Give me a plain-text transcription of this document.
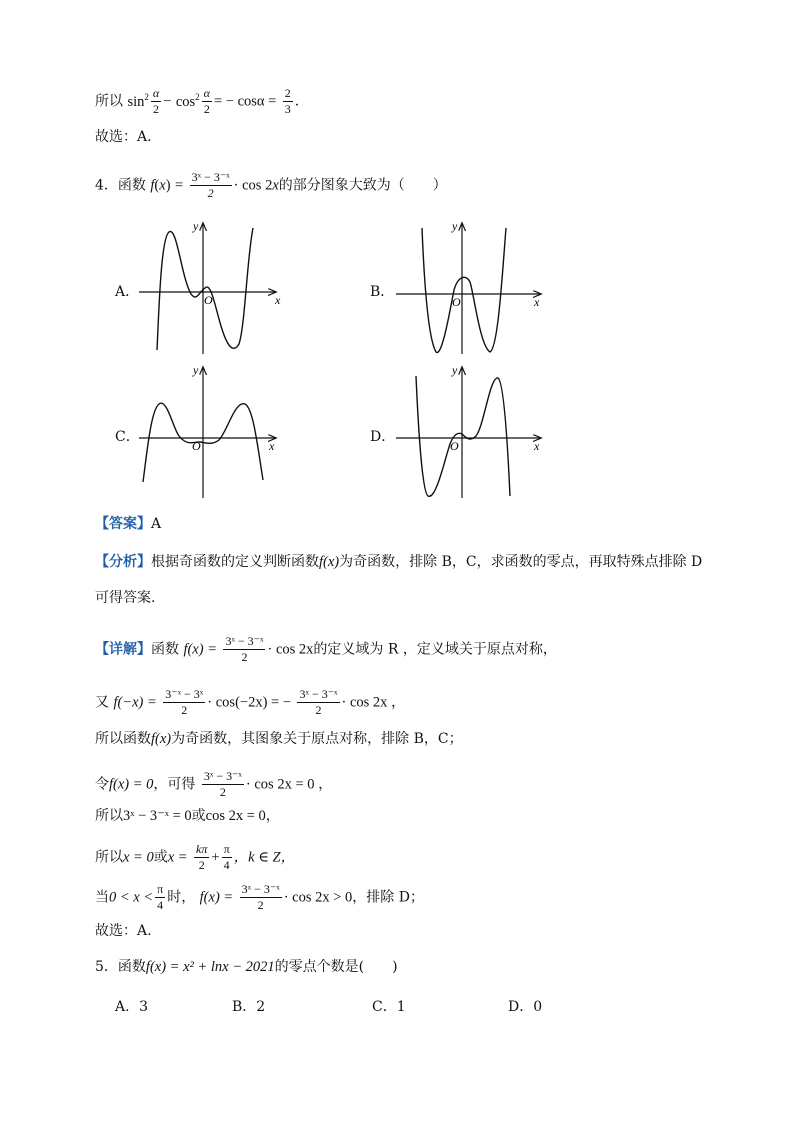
所以 $\sin^2 \frac{\alpha}{2} - \cos^2 \frac{\alpha}{2}$ = − $\cos\alpha = \frac{2}{3}$ .
故选：A.
4．函数 $f(x) = \frac{\text{3ˣ − 3⁻ˣ}}{2} \cdot \cos 2x$的部分图象大致为（　　）
A．	x
y
O	B．
x
y
O
C．
x
y
O
D．
x
y
O
【答案】A
【分析】根据奇函数的定义判断函数f(x)为奇函数，排除 B，C，求函数的零点，再取特殊点排除 D
可得答案.
【详解】函数 $f(x) = \frac{\text{3ˣ − 3⁻ˣ}}{2} \cdot \cos 2x$的定义域为 R ，定义域关于原点对称，
又 $f(-x) = \frac{\text{3⁻ˣ − 3ˣ}}{2} \cdot \cos(-2x)$ = − $\frac{\text{3ˣ − 3⁻ˣ}}{2} \cdot \cos 2x$ ，
所以函数f(x)为奇函数，其图象关于原点对称，排除 B，C；
令f(x) = 0，可得 $\frac{\text{3ˣ − 3⁻ˣ}}{2} \cdot \cos 2x = 0$ ，
所以3ˣ − 3⁻ˣ = 0或cos 2x = 0，
所以x = 0或$x = \frac{k\pi}{2} + \frac{\pi}{4}$ ，k ∈ Z，
当$0 < x < \frac{\pi}{4}$ 时， $f(x) = \frac{\text{3ˣ − 3⁻ˣ}}{2} \cdot \cos 2x > 0$，排除 D；
故选：A.
5．函数f(x) = x² + lnx − 2021的零点个数是(　　)
A．3	B．2	C．1	D．0
